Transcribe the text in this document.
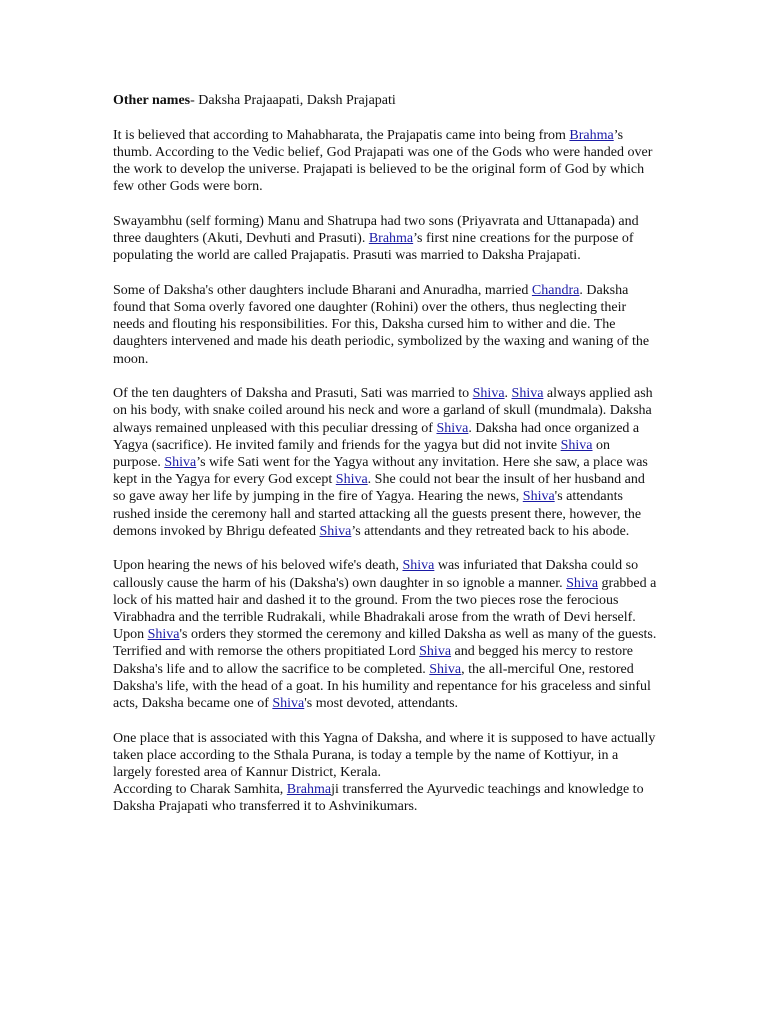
Other names- Daksha Prajaapati, Daksh Prajapati

It is believed that according to Mahabharata, the Prajapatis came into being from Brahma’s thumb. According to the Vedic belief, God Prajapati was one of the Gods who were handed over the work to develop the universe. Prajapati is believed to be the original form of God by which few other Gods were born.

Swayambhu (self forming) Manu and Shatrupa had two sons (Priyavrata and Uttanapada) and three daughters (Akuti, Devhuti and Prasuti). Brahma’s first nine creations for the purpose of populating the world are called Prajapatis. Prasuti was married to Daksha Prajapati.

Some of Daksha's other daughters include Bharani and Anuradha, married Chandra. Daksha found that Soma overly favored one daughter (Rohini) over the others, thus neglecting their needs and flouting his responsibilities. For this, Daksha cursed him to wither and die. The daughters intervened and made his death periodic, symbolized by the waxing and waning of the moon.

Of the ten daughters of Daksha and Prasuti, Sati was married to Shiva. Shiva always applied ash on his body, with snake coiled around his neck and wore a garland of skull (mundmala). Daksha always remained unpleased with this peculiar dressing of Shiva. Daksha had once organized a Yagya (sacrifice). He invited family and friends for the yagya but did not invite Shiva on purpose. Shiva’s wife Sati went for the Yagya without any invitation. Here she saw, a place was kept in the Yagya for every God except Shiva. She could not bear the insult of her husband and so gave away her life by jumping in the fire of Yagya. Hearing the news, Shiva's attendants rushed inside the ceremony hall and started attacking all the guests present there, however, the demons invoked by Bhrigu defeated Shiva’s attendants and they retreated back to his abode.

Upon hearing the news of his beloved wife's death, Shiva was infuriated that Daksha could so callously cause the harm of his (Daksha's) own daughter in so ignoble a manner. Shiva grabbed a lock of his matted hair and dashed it to the ground. From the two pieces rose the ferocious Virabhadra and the terrible Rudrakali, while Bhadrakali arose from the wrath of Devi herself. Upon Shiva's orders they stormed the ceremony and killed Daksha as well as many of the guests. Terrified and with remorse the others propitiated Lord Shiva and begged his mercy to restore Daksha's life and to allow the sacrifice to be completed. Shiva, the all-merciful One, restored Daksha's life, with the head of a goat. In his humility and repentance for his graceless and sinful acts, Daksha became one of Shiva's most devoted, attendants.

One place that is associated with this Yagna of Daksha, and where it is supposed to have actually taken place according to the Sthala Purana, is today a temple by the name of Kottiyur, in a largely forested area of Kannur District, Kerala.

According to Charak Samhita, Brahmaji transferred the Ayurvedic teachings and knowledge to Daksha Prajapati who transferred it to Ashvinikumars.
